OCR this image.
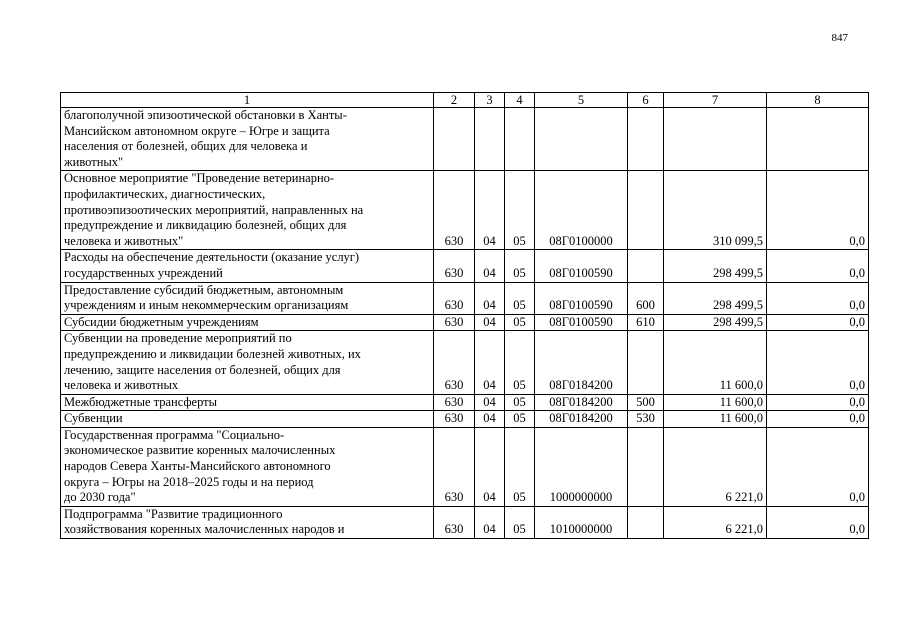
847
1	2	3	4	5	6	7	8
благополучной эпизоотической обстановки в Ханты-
Мансийском автономном округе – Югре и защита
населения от болезней, общих для человека и
животных"							
Основное мероприятие "Проведение ветеринарно-
профилактических, диагностических,
противоэпизоотических мероприятий, направленных на
предупреждение и ликвидацию болезней, общих для
человека и животных"	630	04	05	08Г0100000		310 099,5	0,0
Расходы на обеспечение деятельности (оказание услуг)
государственных учреждений	630	04	05	08Г0100590		298 499,5	0,0
Предоставление субсидий бюджетным, автономным
учреждениям и иным некоммерческим организациям	630	04	05	08Г0100590	600	298 499,5	0,0
Субсидии бюджетным учреждениям	630	04	05	08Г0100590	610	298 499,5	0,0
Субвенции на проведение мероприятий по
предупреждению и ликвидации болезней животных, их
лечению, защите населения от болезней, общих для
человека и животных	630	04	05	08Г0184200		11 600,0	0,0
Межбюджетные трансферты	630	04	05	08Г0184200	500	11 600,0	0,0
Субвенции	630	04	05	08Г0184200	530	11 600,0	0,0
Государственная программа "Социально-
экономическое развитие коренных малочисленных
народов Севера Ханты-Мансийского автономного
округа – Югры на 2018–2025 годы и на период
до 2030 года"	630	04	05	1000000000		6 221,0	0,0
Подпрограмма "Развитие традиционного
хозяйствования коренных малочисленных народов и	630	04	05	1010000000		6 221,0	0,0
